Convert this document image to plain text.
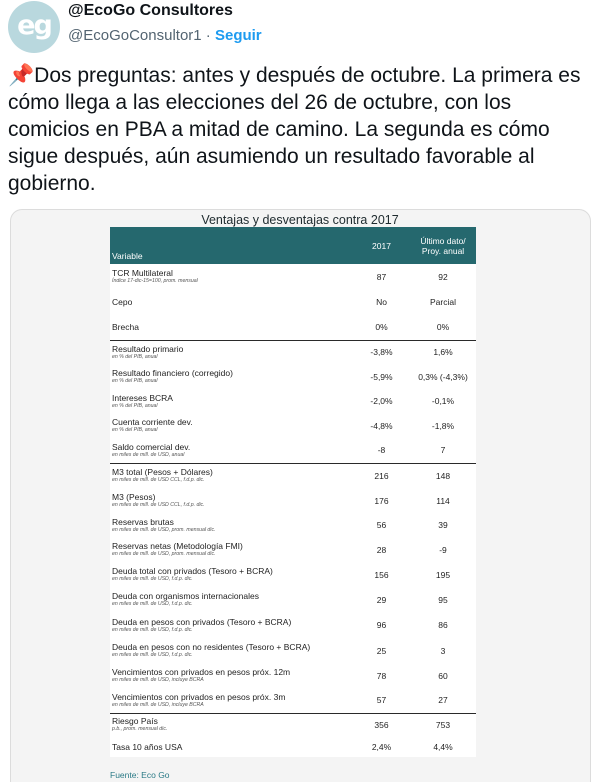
eg @EcoGo Consultores
@EcoGoConsultor1 · Seguir
📌Dos preguntas: antes y después de octubre. La primera es cómo llega a las elecciones del 26 de octubre, con los comicios en PBA a mitad de camino. La segunda es cómo sigue después, aún asumiendo un resultado favorable al gobierno.
Ventajas y desventajas contra 2017
Variable	2017	Último dato/
Proy. anual
TCR Multilateral
Índice 17-dic-15=100, prom. mensual	87	92
Cepo	No	Parcial
Brecha	0%	0%
Resultado primario
en % del PIB, anual	-3,8%	1,6%
Resultado financiero (corregido)
en % del PIB, anual	-5,9%	0,3% (-4,3%)
Intereses BCRA
en % del PIB, anual	-2,0%	-0,1%
Cuenta corriente dev.
en % del PIB, anual	-4,8%	-1,8%
Saldo comercial dev.
en miles de mill. de USD, anual	-8	7
M3 total (Pesos + Dólares)
en miles de mill. de USD CCL, f.d.p. dic.	216	148
M3 (Pesos)
en miles de mill. de USD CCL, f.d.p. dic.	176	114
Reservas brutas
en miles de mill. de USD, prom. mensual dic.	56	39
Reservas netas (Metodología FMI)
en miles de mill. de USD, prom. mensual dic.	28	-9
Deuda total con privados (Tesoro + BCRA)
en miles de mill. de USD, f.d.p. dic.	156	195
Deuda con organismos internacionales
en miles de mill. de USD, f.d.p. dic.	29	95
Deuda en pesos con privados (Tesoro + BCRA)
en miles de mill. de USD, f.d.p. dic.	96	86
Deuda en pesos con no residentes (Tesoro + BCRA)
en miles de mill. de USD, f.d.p. dic.	25	3
Vencimientos con privados en pesos próx. 12m
en miles de mill. de USD, incluye BCRA	78	60
Vencimientos con privados en pesos próx. 3m
en miles de mill. de USD, incluye BCRA	57	27
Riesgo País
p.b., prom. mensual dic.	356	753
Tasa 10 años USA	2,4%	4,4%
Fuente: Eco Go
